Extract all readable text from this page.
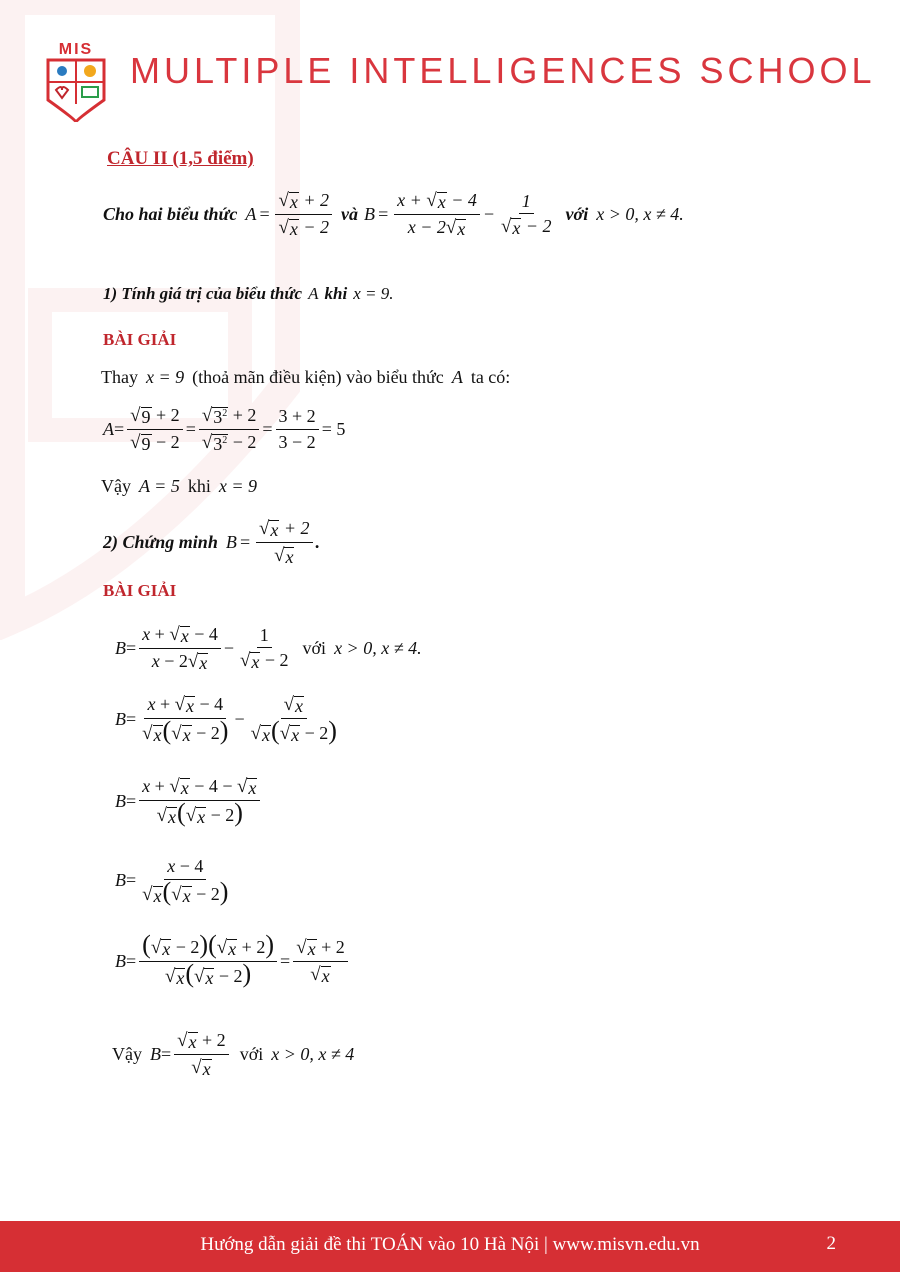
MIS
MULTIPLE INTELLIGENCES SCHOOL
CÂU II (1,5 điểm)
Cho hai biểu thức $A = \frac{√ x + 2}{√ x - 2}$ và $B = \frac{x + √ x - 4}{x - 2 √ x} - \frac{1}{√ x - 2}$ với x > 0, x ≠ 4.
1) Tính giá trị của biểu thức A khi x = 9.
BÀI GIẢI
Thay x = 9 (thoả mãn điều kiện) vào biểu thức A ta có:
$A = \frac{√ 9 + 2}{√ 9 - 2} = \frac{√ 3^2 + 2}{√ 3^2 - 2} = \frac{3 + 2}{3 - 2} = 5$
Vậy A = 5 khi x = 9
2) Chứng minh $B = \frac{√ x + 2}{√ x}$ .
BÀI GIẢI
$B = \frac{x + √ x - 4}{x - 2 √ x} - \frac{1}{√ x - 2}$ với x > 0, x ≠ 4.
$B = \frac{x + √ x - 4}{√ x ( √ x - 2)} - \frac{√ x}{√ x ( √ x - 2)}$
$B = \frac{x + √ x - 4 - √ x}{√ x ( √ x - 2)}$
$B = \frac{x - 4}{√ x ( √ x - 2)}$
$B = \frac{( √ x - 2)( √ x + 2)}{√ x ( √ x - 2)} = \frac{√ x + 2}{√ x}$
Vậy $B = \frac{√ x + 2}{√ x}$ với x > 0, x ≠ 4
Hướng dẫn giải đề thi TOÁN vào 10 Hà Nội | www.misvn.edu.vn	2
